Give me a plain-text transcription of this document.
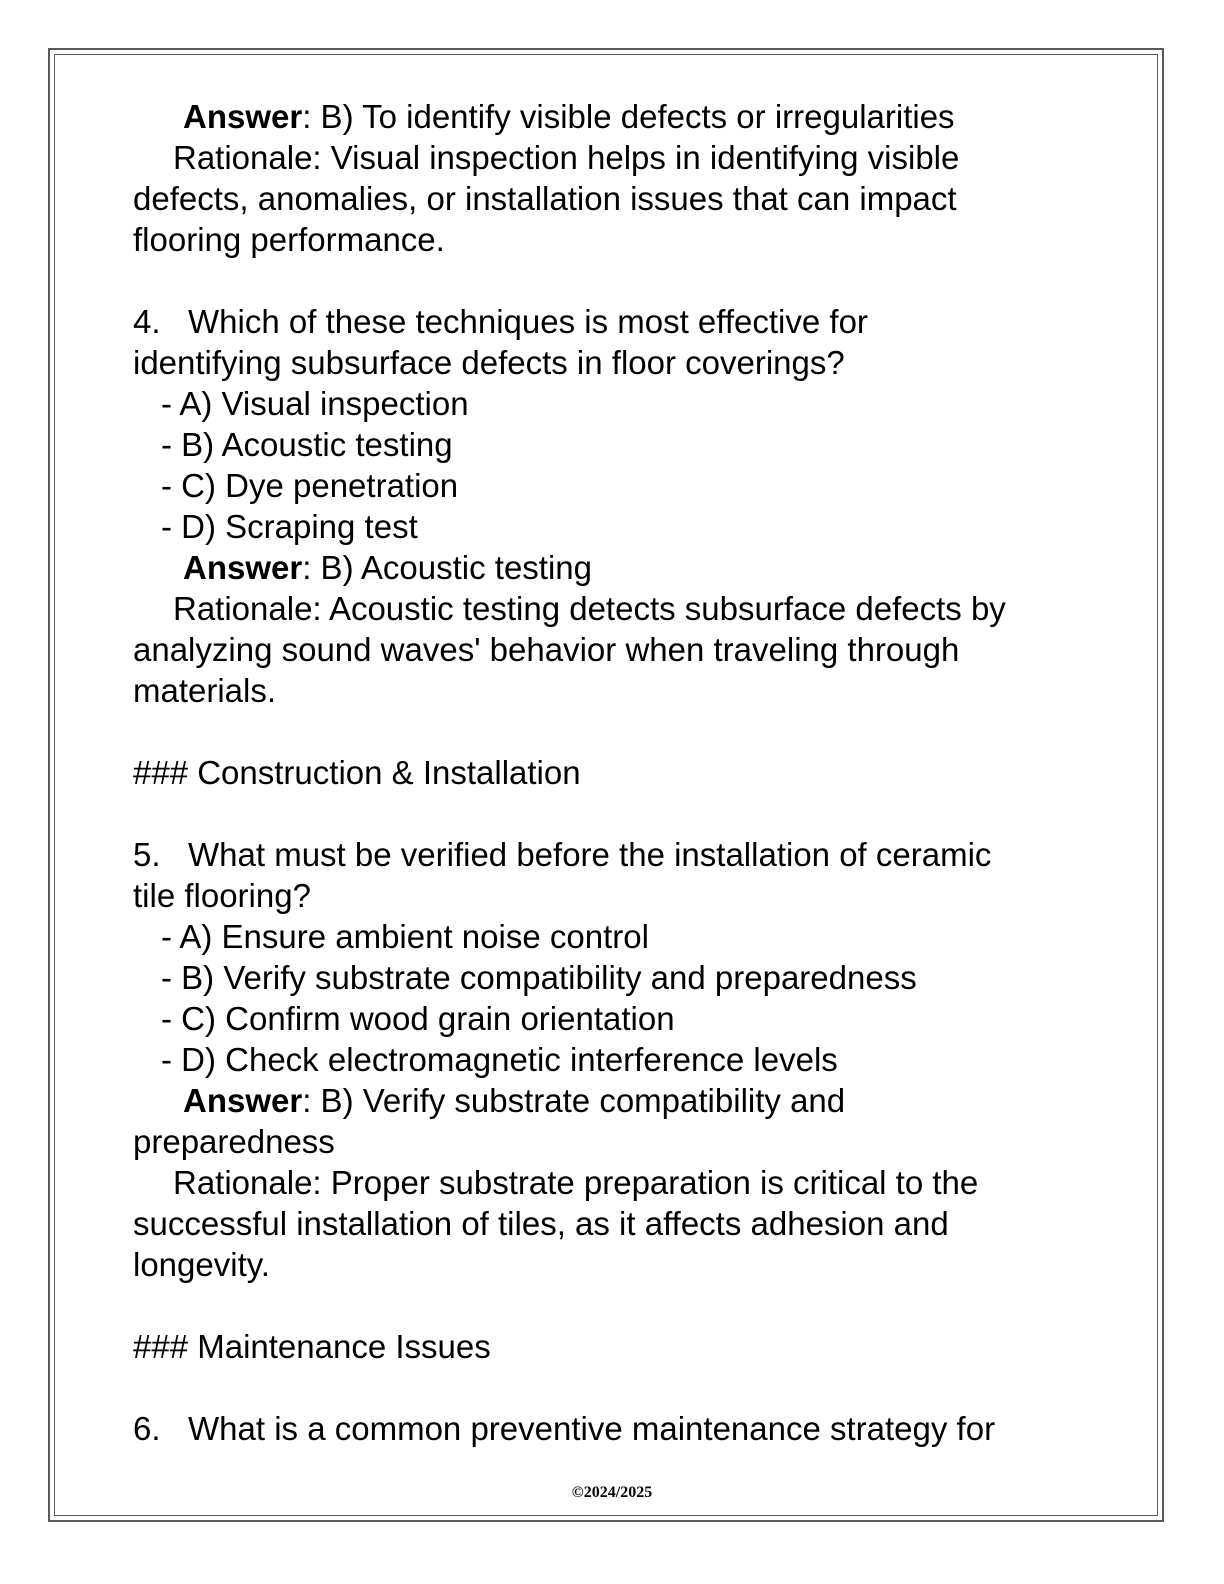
Answer: B) To identify visible defects or irregularities
Rationale: Visual inspection helps in identifying visible
defects, anomalies, or installation issues that can impact
flooring performance.
4.   Which of these techniques is most effective for
identifying subsurface defects in floor coverings?
- A) Visual inspection
- B) Acoustic testing
- C) Dye penetration
- D) Scraping test
Answer: B) Acoustic testing
Rationale: Acoustic testing detects subsurface defects by
analyzing sound waves' behavior when traveling through
materials.
### Construction & Installation
5.   What must be verified before the installation of ceramic
tile flooring?
- A) Ensure ambient noise control
- B) Verify substrate compatibility and preparedness
- C) Confirm wood grain orientation
- D) Check electromagnetic interference levels
Answer: B) Verify substrate compatibility and
preparedness
Rationale: Proper substrate preparation is critical to the
successful installation of tiles, as it affects adhesion and
longevity.
### Maintenance Issues
6.   What is a common preventive maintenance strategy for
©2024/2025
